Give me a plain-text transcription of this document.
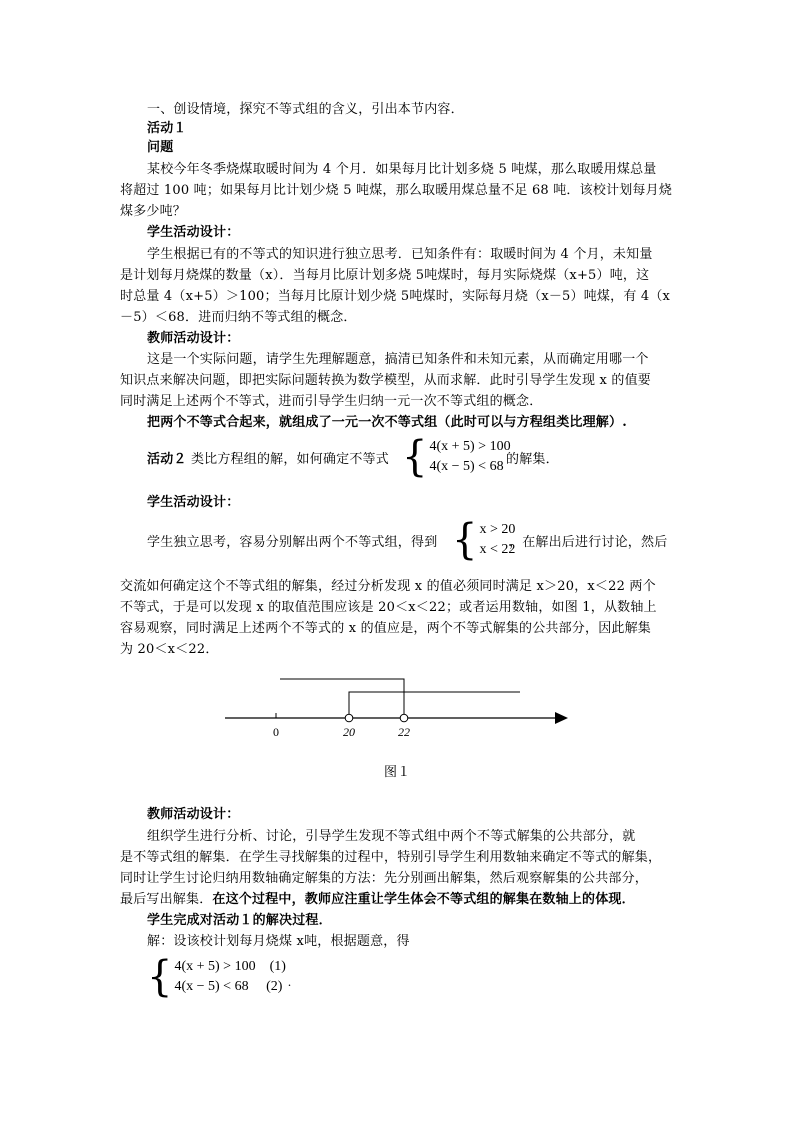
一、创设情境，探究不等式组的含义，引出本节内容．
活动１
问题
某校今年冬季烧煤取暖时间为 4 个月．如果每月比计划多烧 5 吨煤，那么取暖用煤总量
将超过 100 吨；如果每月比计划少烧 5 吨煤，那么取暖用煤总量不足 68 吨．该校计划每月烧
煤多少吨？
学生活动设计：
学生根据已有的不等式的知识进行独立思考．已知条件有：取暖时间为 4 个月，未知量
是计划每月烧煤的数量（x）．当每月比原计划多烧 5吨煤时，每月实际烧煤（x+5）吨，这
时总量 4（x+5）＞100；当每月比原计划少烧 5吨煤时，实际每月烧（x－5）吨煤，有 4（x
－5）＜68．进而归纳不等式组的概念．
教师活动设计：
这是一个实际问题，请学生先理解题意，搞清已知条件和未知元素，从而确定用哪一个
知识点来解决问题，即把实际问题转换为数学模型，从而求解．此时引导学生发现 x 的值要
同时满足上述两个不等式，进而引导学生归纳一元一次不等式组的概念．
把两个不等式合起来，就组成了一元一次不等式组（此时可以与方程组类比理解）.
活动２ 类比方程组的解，如何确定不等式 { 4(x + 5) > 100
4(x − 5) < 68 的解集．
学生活动设计：
学生独立思考，容易分别解出两个不等式组，得到 { x > 20
x < 22
，在解出后进行讨论，然后
交流如何确定这个不等式组的解集，经过分析发现 x 的值必须同时满足 x＞20，x＜22 两个
不等式，于是可以发现 x 的取值范围应该是 20＜x＜22；或者运用数轴，如图 1，从数轴上
容易观察，同时满足上述两个不等式的 x 的值应是，两个不等式解集的公共部分，因此解集
为 20＜x＜22．
0	20	22
图１
教师活动设计：
组织学生进行分析、讨论，引导学生发现不等式组中两个不等式解集的公共部分，就
是不等式组的解集．在学生寻找解集的过程中，特别引导学生利用数轴来确定不等式的解集，
同时让学生讨论归纳用数轴确定解集的方法：先分别画出解集，然后观察解集的公共部分，
最后写出解集．在这个过程中，教师应注重让学生体会不等式组的解集在数轴上的体现．
学生完成对活动１的解决过程．
解：设该校计划每月烧煤 x吨，根据题意，得
{ 4(x + 5) > 100    (1)
4(x − 5) < 68     (2) .
